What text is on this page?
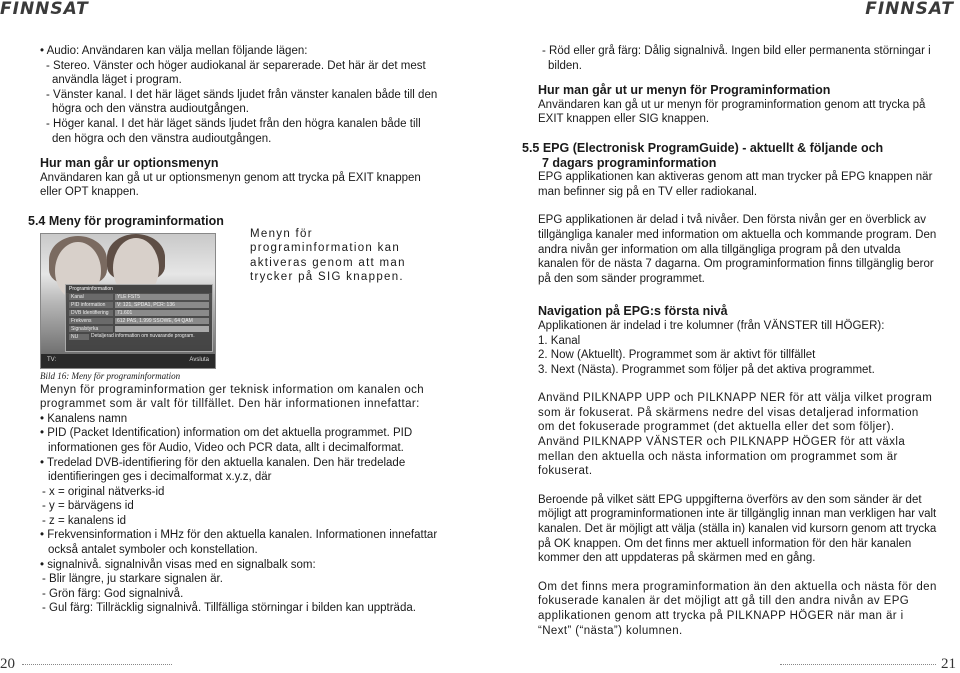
FINNSAT	FINNSAT

• Audio: Användaren kan välja mellan följande lägen:

- Stereo. Vänster och höger audiokanal är separerade. Det här är det mest användla läget i program.

- Vänster kanal. I det här läget sänds ljudet från vänster kanalen både till den högra och den vänstra audioutgången.

- Höger kanal. I det här läget sänds ljudet från den högra kanalen både till den högra och den vänstra audioutgången.

Hur man går ur optionsmenyn

Användaren kan gå ut ur optionsmenyn genom att trycka på EXIT knappen eller OPT knappen.

5.4 Meny för programinformation

Programinformation
Kanal	YLE FST5
PID information	V: 121, SPDA1, PCR: 136
DVB Identifiering	71.601
Frekvens	612 PAS, 1.999 SSOWE, 64 QAM
Signalstyrka
NU	Detaljerad information om nuvarande program.
TV:	Avsluta
Bild 16: Meny för programinformation

Menyn för programinformation kan aktiveras genom att man trycker på SIG knappen.

Menyn för programinformation ger teknisk information om kanalen och programmet som är valt för tillfället. Den här informationen innefattar:

• Kanalens namn

• PID (Packet Identification) information om det aktuella programmet. PID informationen ges för Audio, Video och PCR data, allt i decimalformat.

• Tredelad DVB-identifiering för den aktuella kanalen. Den här tredelade identifieringen ges i decimalformat x.y.z, där

- x = original nätverks-id

- y = bärvägens id

- z = kanalens id

• Frekvensinformation i MHz för den aktuella kanalen. Informationen innefattar också antalet symboler och konstellation.

• signalnivå. signalnivån visas med en signalbalk som:

- Blir längre, ju starkare signalen är.

- Grön färg: God signalnivå.

- Gul färg: Tillräcklig signalnivå. Tillfälliga störningar i bilden kan uppträda.

- Röd eller grå färg: Dålig signalnivå. Ingen bild eller permanenta störningar i bilden.

Hur man går ut ur menyn för Programinformation

Användaren kan gå ut ur menyn för programinformation genom att trycka på EXIT knappen eller SIG knappen.

5.5 EPG (Electronisk ProgramGuide) - aktuellt & följande och

7 dagars programinformation

EPG applikationen kan aktiveras genom att man trycker på EPG knappen när man befinner sig på en TV eller radiokanal.

EPG applikationen är delad i två nivåer. Den första nivån ger en överblick av tillgängliga kanaler med information om aktuella och kommande program. Den andra nivån ger information om alla tillgängliga program på den utvalda kanalen för de nästa 7 dagarna. Om programinformation finns tillgänglig beror på den som sänder programmet.

Navigation på EPG:s första nivå

Applikationen är indelad i tre kolumner (från VÄNSTER till HÖGER):

1. Kanal

2. Now (Aktuellt). Programmet som är aktivt för tillfället

3. Next (Nästa). Programmet som följer på det aktiva programmet.

Använd PILKNAPP UPP och PILKNAPP NER för att välja vilket program som är fokuserat. På skärmens nedre del visas detaljerad information om det fokuserade programmet (det aktuella eller det som följer). Använd PILKNAPP VÄNSTER och PILKNAPP HÖGER för att växla mellan den aktuella och nästa information om programmet som är fokuserat.

Beroende på vilket sätt EPG uppgifterna överförs av den som sänder är det möjligt att programinformationen inte är tillgänglig innan man verkligen har valt kanalen. Det är möjligt att välja (ställa in) kanalen vid kursorn genom att trycka på OK knappen. Om det finns mer aktuell information för den här kanalen kommer den att uppdateras på skärmen med en gång.

Om det finns mera programinformation än den aktuella och nästa för den fokuserade kanalen är det möjligt att gå till den andra nivån av EPG applikationen genom att trycka på PILKNAPP HÖGER när man är i “Next” (“nästa”) kolumnen.

20	21
